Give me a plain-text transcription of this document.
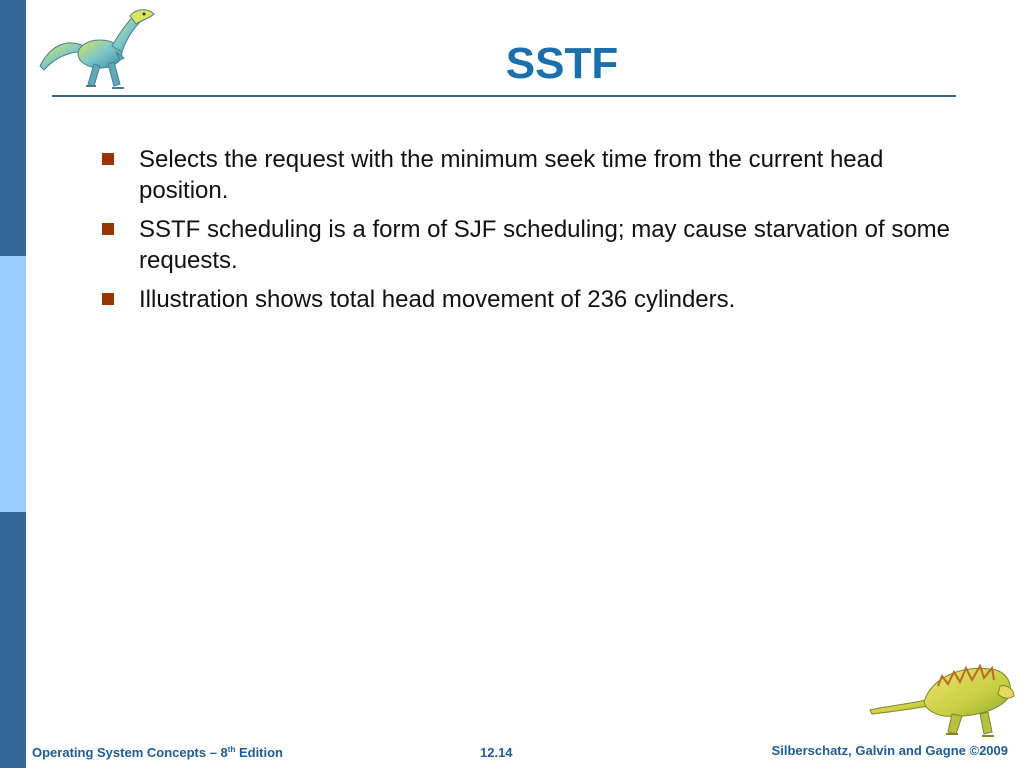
SSTF
Selects the request with the minimum seek time from the current head position.
SSTF scheduling is a form of SJF scheduling; may cause starvation of some requests.
Illustration shows total head movement of 236 cylinders.
Operating System Concepts – 8th Edition	12.14	Silberschatz, Galvin and Gagne ©2009
